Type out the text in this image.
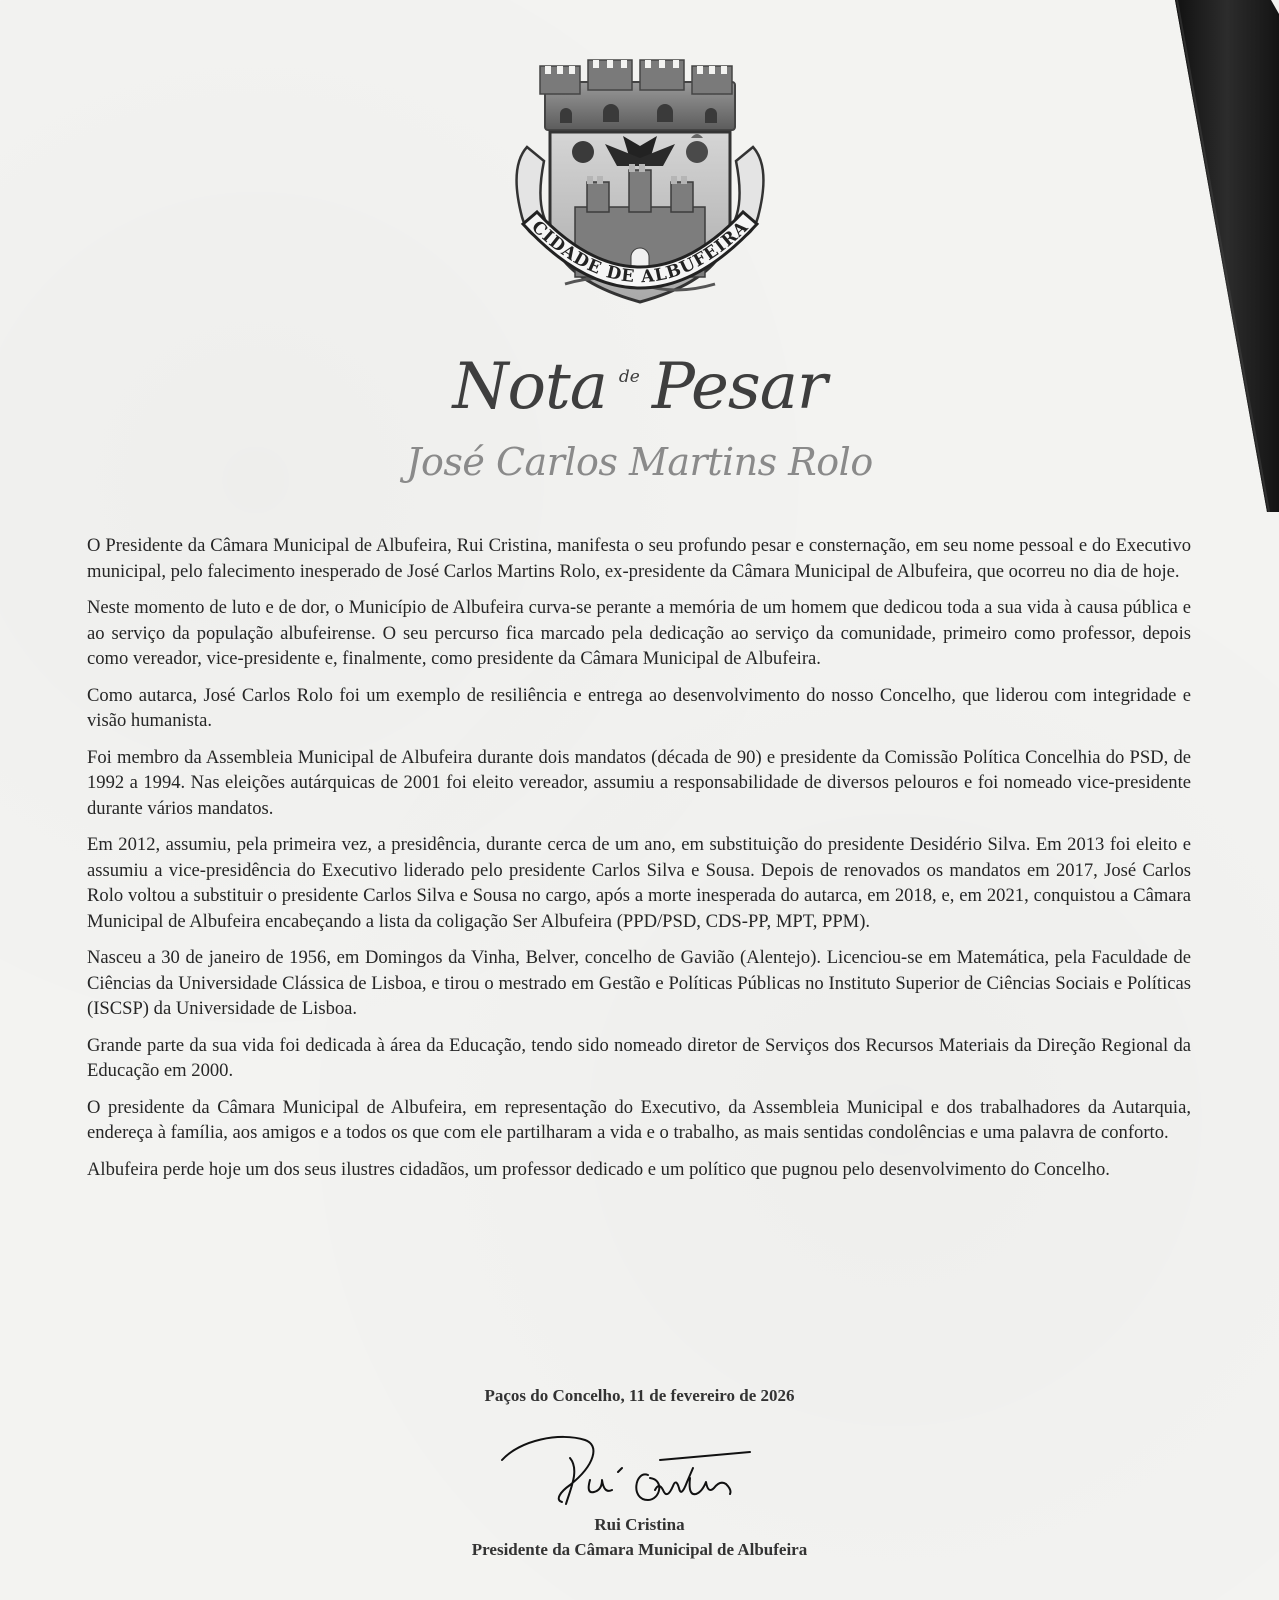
CIDADE DE ALBUFEIRA
Nota de Pesar
José Carlos Martins Rolo

O Presidente da Câmara Municipal de Albufeira, Rui Cristina, manifesta o seu profundo pesar e consternação, em seu nome pessoal e do Executivo municipal, pelo falecimento inesperado de José Carlos Martins Rolo, ex-presidente da Câmara Municipal de Albufeira, que ocorreu no dia de hoje.

Neste momento de luto e de dor, o Município de Albufeira curva-se perante a memória de um homem que dedicou toda a sua vida à causa pública e ao serviço da população albufeirense. O seu percurso fica marcado pela dedicação ao serviço da comunidade, primeiro como professor, depois como vereador, vice-presidente e, finalmente, como presidente da Câmara Municipal de Albufeira.

Como autarca, José Carlos Rolo foi um exemplo de resiliência e entrega ao desenvolvimento do nosso Concelho, que liderou com integridade e visão humanista.

Foi membro da Assembleia Municipal de Albufeira durante dois mandatos (década de 90) e presidente da Comissão Política Concelhia do PSD, de 1992 a 1994. Nas eleições autárquicas de 2001 foi eleito vereador, assumiu a responsabilidade de diversos pelouros e foi nomeado vice-presidente durante vários mandatos.

Em 2012, assumiu, pela primeira vez, a presidência, durante cerca de um ano, em substituição do presidente Desidério Silva. Em 2013 foi eleito e assumiu a vice-presidência do Executivo liderado pelo presidente Carlos Silva e Sousa. Depois de renovados os mandatos em 2017, José Carlos Rolo voltou a substituir o presidente Carlos Silva e Sousa no cargo, após a morte inesperada do autarca, em 2018, e, em 2021, conquistou a Câmara Municipal de Albufeira encabeçando a lista da coligação Ser Albufeira (PPD/PSD, CDS-PP, MPT, PPM).

Nasceu a 30 de janeiro de 1956, em Domingos da Vinha, Belver, concelho de Gavião (Alentejo). Licenciou-se em Matemática, pela Faculdade de Ciências da Universidade Clássica de Lisboa, e tirou o mestrado em Gestão e Políticas Públicas no Instituto Superior de Ciências Sociais e Políticas (ISCSP) da Universidade de Lisboa.

Grande parte da sua vida foi dedicada à área da Educação, tendo sido nomeado diretor de Serviços dos Recursos Materiais da Direção Regional da Educação em 2000.

O presidente da Câmara Municipal de Albufeira, em representação do Executivo, da Assembleia Municipal e dos trabalhadores da Autarquia, endereça à família, aos amigos e a todos os que com ele partilharam a vida e o trabalho, as mais sentidas condolências e uma palavra de conforto.

Albufeira perde hoje um dos seus ilustres cidadãos, um professor dedicado e um político que pugnou pelo desenvolvimento do Concelho.

Paços do Concelho, 11 de fevereiro de 2026
Rui Cristina
Presidente da Câmara Municipal de Albufeira
